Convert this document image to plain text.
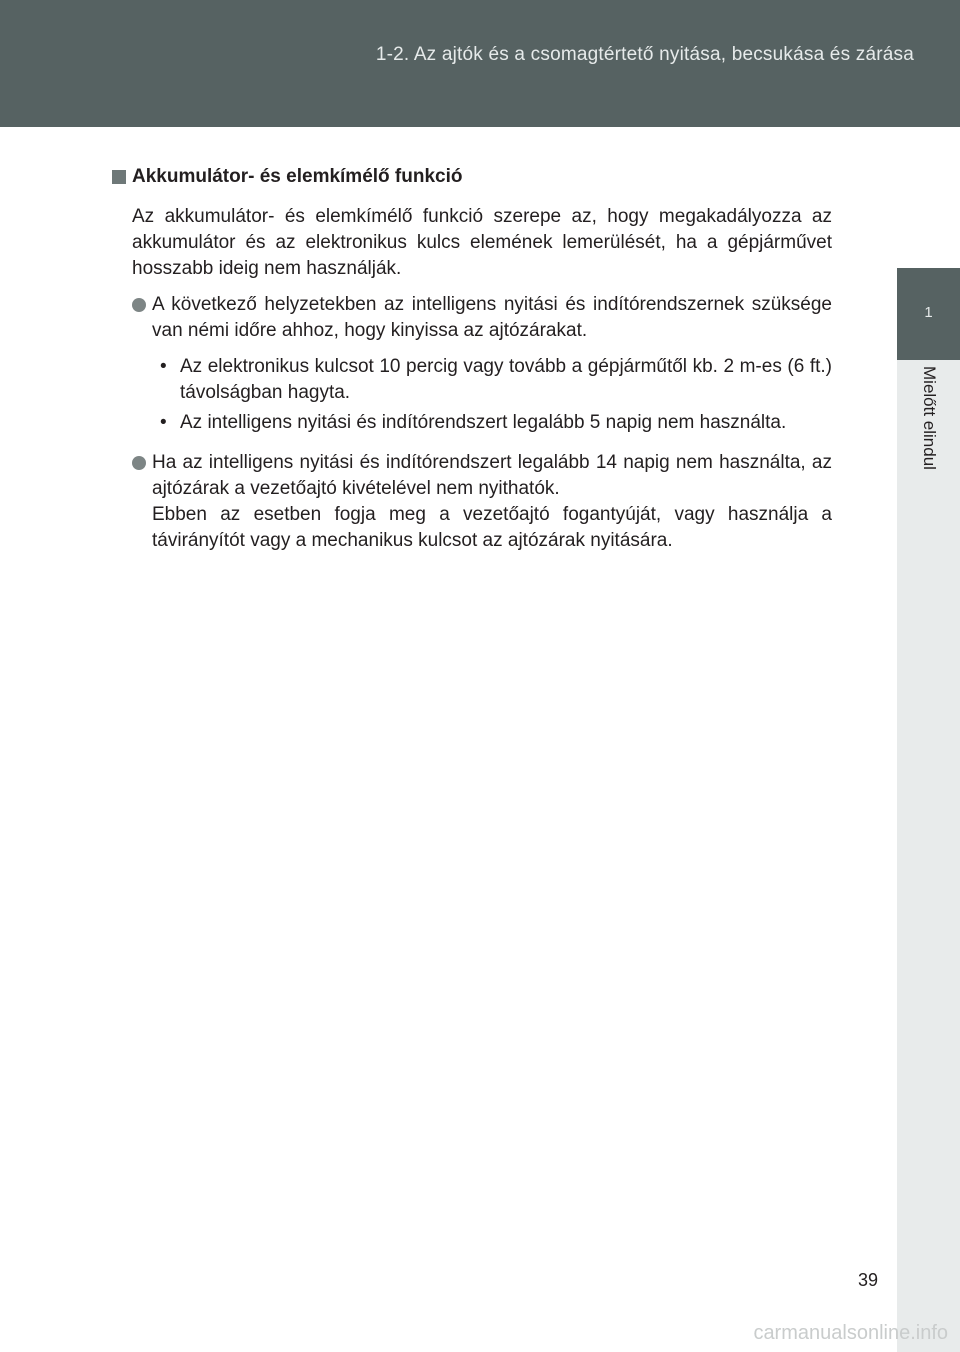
1-2. Az ajtók és a csomagtértető nyitása, becsukása és zárása
1
Mielőtt elindul
Akkumulátor- és elemkímélő funkció

Az akkumulátor- és elemkímélő funkció szerepe az, hogy megakadályozza az akkumulátor és az elektronikus kulcs elemének lemerülését, ha a gépjárművet hosszabb ideig nem használják.

A következő helyzetekben az intelligens nyitási és indítórendszernek szüksége van némi időre ahhoz, hogy kinyissa az ajtózárakat.

• Az elektronikus kulcsot 10 percig vagy tovább a gépjárműtől kb. 2 m-es (6 ft.) távolságban hagyta.
• Az intelligens nyitási és indítórendszert legalább 5 napig nem használta.

Ha az intelligens nyitási és indítórendszert legalább 14 napig nem használta, az ajtózárak a vezetőajtó kivételével nem nyithatók.

Ebben az esetben fogja meg a vezetőajtó fogantyúját, vagy használja a távirányítót vagy a mechanikus kulcsot az ajtózárak nyitására.

39
carmanualsonline.info
